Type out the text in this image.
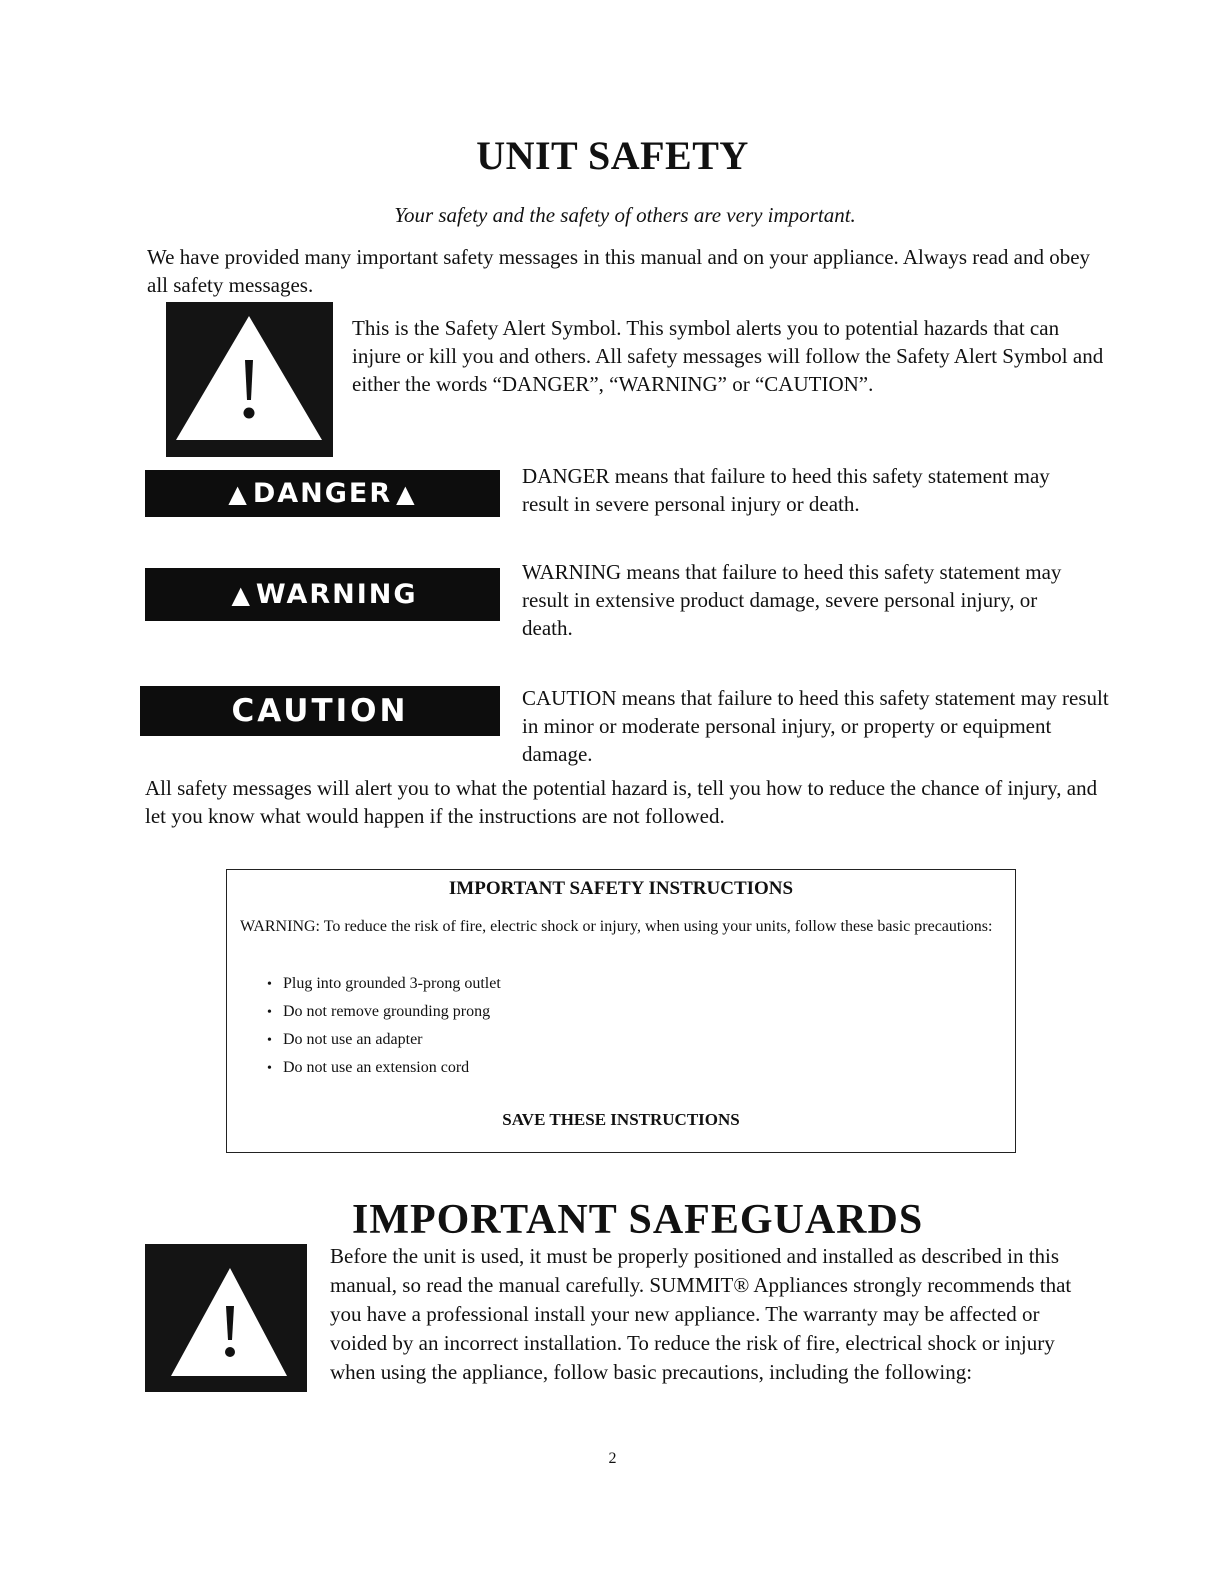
UNIT SAFETY
Your safety and the safety of others are very important.
We have provided many important safety messages in this manual and on your appliance. Always read and obey all safety messages.
This is the Safety Alert Symbol. This symbol alerts you to potential hazards that can injure or kill you and others. All safety messages will follow the Safety Alert Symbol and either the words “DANGER”, “WARNING” or “CAUTION”.
▲ DANGER ▲
DANGER means that failure to heed this safety statement may result in severe personal injury or death.
▲ WARNING
WARNING means that failure to heed this safety statement may result in extensive product damage, severe personal injury, or death.
CAUTION	CAUTION means that failure to heed this safety statement may result in minor or moderate personal injury, or property or equipment damage.
All safety messages will alert you to what the potential hazard is, tell you how to reduce the chance of injury, and let you know what would happen if the instructions are not followed.
IMPORTANT SAFETY INSTRUCTIONS
WARNING: To reduce the risk of fire, electric shock or injury, when using your units, follow these basic precautions:
• Plug into grounded 3-prong outlet
• Do not remove grounding prong
• Do not use an adapter
• Do not use an extension cord
SAVE THESE INSTRUCTIONS
IMPORTANT SAFEGUARDS
Before the unit is used, it must be properly positioned and installed as described in this manual, so read the manual carefully. SUMMIT® Appliances strongly recommends that you have a professional install your new appliance. The warranty may be affected or voided by an incorrect installation. To reduce the risk of fire, electrical shock or injury when using the appliance, follow basic precautions, including the following:
2
